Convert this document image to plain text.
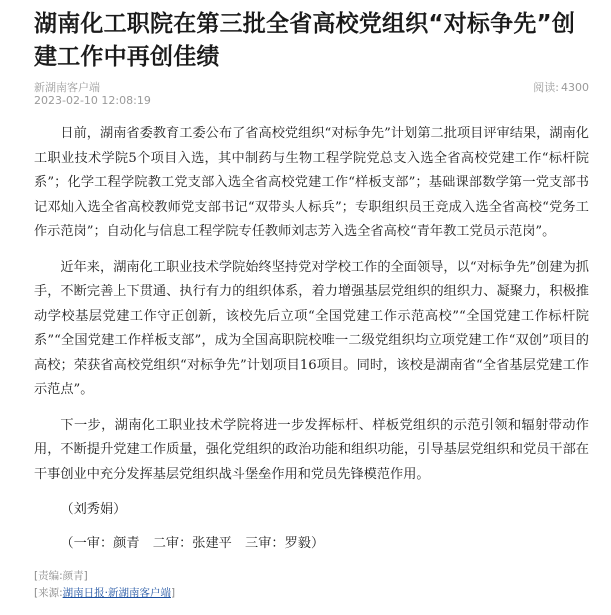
湖南化工职院在第三批全省高校党组织“对标争先”创建工作中再创佳绩
新湖南客户端
2023-02-10 12:08:19
阅读: 4300

日前，湖南省委教育工委公布了省高校党组织“对标争先”计划第二批项目评审结果，湖南化工职业技术学院5个项目入选，其中制药与生物工程学院党总支入选全省高校党建工作“标杆院系”；化学工程学院教工党支部入选全省高校党建工作“样板支部”；基础课部数学第一党支部书记邓灿入选全省高校教师党支部书记“双带头人标兵”；专职组织员王竞成入选全省高校“党务工作示范岗”；自动化与信息工程学院专任教师刘志芳入选全省高校“青年教工党员示范岗”。

近年来，湖南化工职业技术学院始终坚持党对学校工作的全面领导，以“对标争先”创建为抓手，不断完善上下贯通、执行有力的组织体系，着力增强基层党组织的组织力、凝聚力，积极推动学校基层党建工作守正创新，该校先后立项“全国党建工作示范高校”“全国党建工作标杆院系”“全国党建工作样板支部”，成为全国高职院校唯一二级党组织均立项党建工作“双创”项目的高校；荣获省高校党组织“对标争先”计划项目16项目。同时，该校是湖南省“全省基层党建工作示范点”。

下一步，湖南化工职业技术学院将进一步发挥标杆、样板党组织的示范引领和辐射带动作用，不断提升党建工作质量，强化党组织的政治功能和组织功能，引导基层党组织和党员干部在干事创业中充分发挥基层党组织战斗堡垒作用和党员先锋模范作用。

（刘秀娟）

（一审：颜青　二审：张建平　三审：罗毅）

[责编:颜青]
[来源:湖南日报·新湖南客户端]
